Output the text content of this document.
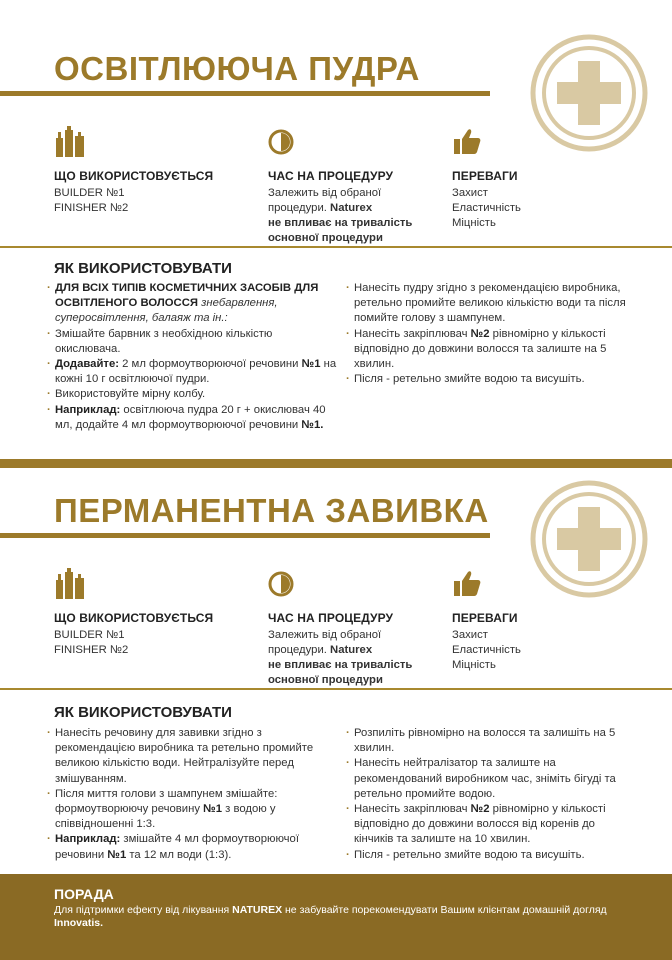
ОСВІТЛЮЮЧА ПУДРА
ЩО ВИКОРИСТОВУЄТЬСЯ

BUILDER №1

FINISHER №2

ЧАС НА ПРОЦЕДУРУ

Залежить від обраної
процедури. Naturex
не впливає на тривалість основної процедури

ПЕРЕВАГИ

Захист

Еластичність

Міцність

ЯК ВИКОРИСТОВУВАТИ
· ДЛЯ ВСІХ ТИПІВ КОСМЕТИЧНИХ ЗАСОБІВ ДЛЯ ОСВІТЛЕНОГО ВОЛОССЯ знебарвлення, суперосвітлення, балаяж та ін.:
· Змішайте барвник з необхідною кількістю окислювача.
· Додавайте: 2 мл формоутворюючої речовини №1 на кожні 10 г освітлюючої пудри.
· Використовуйте мірну колбу.
· Наприклад: освітлююча пудра 20 г + окислювач 40 мл, додайте 4 мл формоутворюючої речовини №1.
· Нанесіть пудру згідно з рекомендацією виробника, ретельно промийте великою кількістю води та після помийте голову з шампунем.
· Нанесіть закріплювач №2 рівномірно у кількості відповідно до довжини волосся та залиште на 5 хвилин.
· Після - ретельно змийте водою та висушіть.
ПЕРМАНЕНТНА ЗАВИВКА
ЩО ВИКОРИСТОВУЄТЬСЯ

BUILDER №1

FINISHER №2

ЧАС НА ПРОЦЕДУРУ

Залежить від обраної
процедури. Naturex
не впливає на тривалість основної процедури

ПЕРЕВАГИ

Захист

Еластичність

Міцність

ЯК ВИКОРИСТОВУВАТИ
· Нанесіть речовину для завивки згідно з рекомендацією виробника та ретельно промийте великою кількістю води. Нейтралізуйте перед змішуванням.
· Після миття голови з шампунем змішайте: формоутворюючу речовину №1 з водою у співвідношенні 1:3.
· Наприклад: змішайте 4 мл формоутворюючої речовини №1 та 12 мл води (1:3).
· Розпиліть рівномірно на волосся та залишіть на 5 хвилин.
· Нанесіть нейтралізатор та залиште на рекомендований виробником час, зніміть бігуді та ретельно промийте водою.
· Нанесіть закріплювач №2 рівномірно у кількості відповідно до довжини волосся від коренів до кінчиків та залиште на 10 хвилин.
· Після - ретельно змийте водою та висушіть.
ПОРАДА

Для підтримки ефекту від лікування NATUREX не забувайте порекомендувати Вашим клієнтам домашній догляд
Innovatis.
